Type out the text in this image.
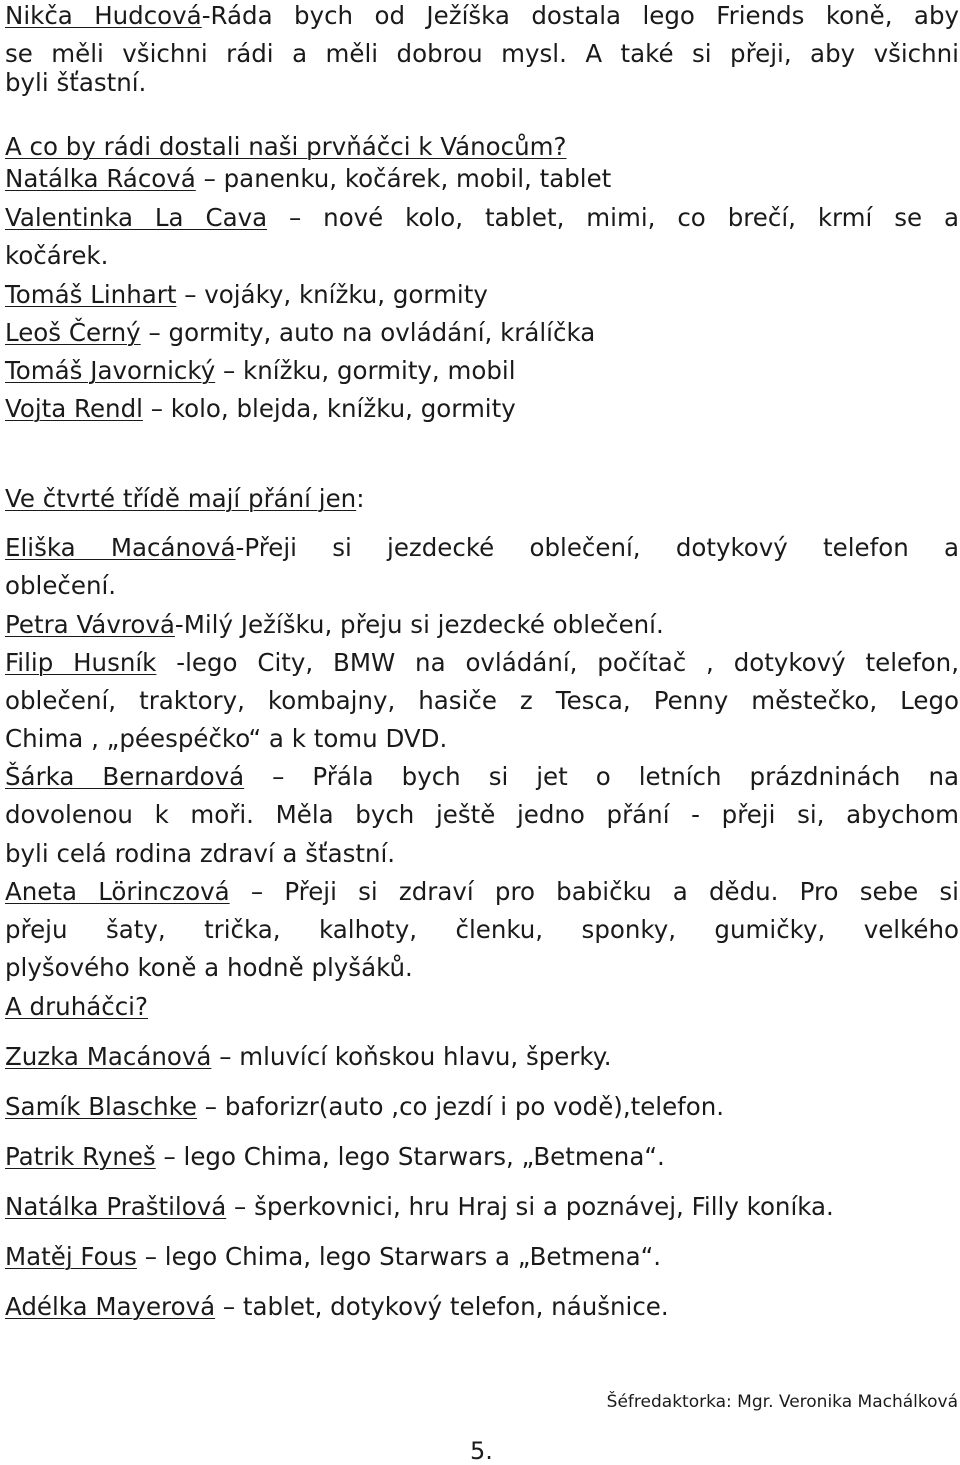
Nikča Hudcová-Ráda bych od Ježíška dostala lego Friends koně, aby
se měli všichni rádi a měli dobrou mysl. A také si přeji, aby všichni
byli šťastní.
A co by rádi dostali naši prvňáčci k Vánocům?
Natálka Rácová – panenku, kočárek, mobil, tablet
Valentinka La Cava – nové kolo, tablet, mimi, co brečí, krmí se a
kočárek.
Tomáš Linhart – vojáky, knížku, gormity
Leoš Černý – gormity, auto na ovládání, králíčka
Tomáš Javornický – knížku, gormity, mobil
Vojta Rendl – kolo, blejda, knížku, gormity
Ve čtvrté třídě mají přání jen:
Eliška Macánová-Přeji si jezdecké oblečení, dotykový telefon a
oblečení.
Petra Vávrová-Milý Ježíšku, přeju si jezdecké oblečení.
Filip Husník -lego City, BMW na ovládání, počítač , dotykový telefon,
oblečení, traktory, kombajny, hasiče z Tesca, Penny městečko, Lego
Chima , „péespéčko“ a k tomu DVD.
Šárka Bernardová – Přála bych si jet o letních prázdninách na
dovolenou k moři. Měla bych ještě jedno přání - přeji si, abychom
byli celá rodina zdraví a šťastní.
Aneta Lörinczová – Přeji si zdraví pro babičku a dědu. Pro sebe si
přeju šaty, trička, kalhoty, členku, sponky, gumičky, velkého
plyšového koně a hodně plyšáků.
A druháčci?
Zuzka Macánová – mluvící koňskou hlavu, šperky.
Samík Blaschke – baforizr(auto ,co jezdí i po vodě),telefon.
Patrik Ryneš – lego Chima, lego Starwars, „Betmena“.
Natálka Praštilová – šperkovnici, hru Hraj si a poznávej, Filly koníka.
Matěj Fous – lego Chima, lego Starwars a „Betmena“.
Adélka Mayerová – tablet, dotykový telefon, náušnice.
Šéfredaktorka: Mgr. Veronika Machálková
5.
